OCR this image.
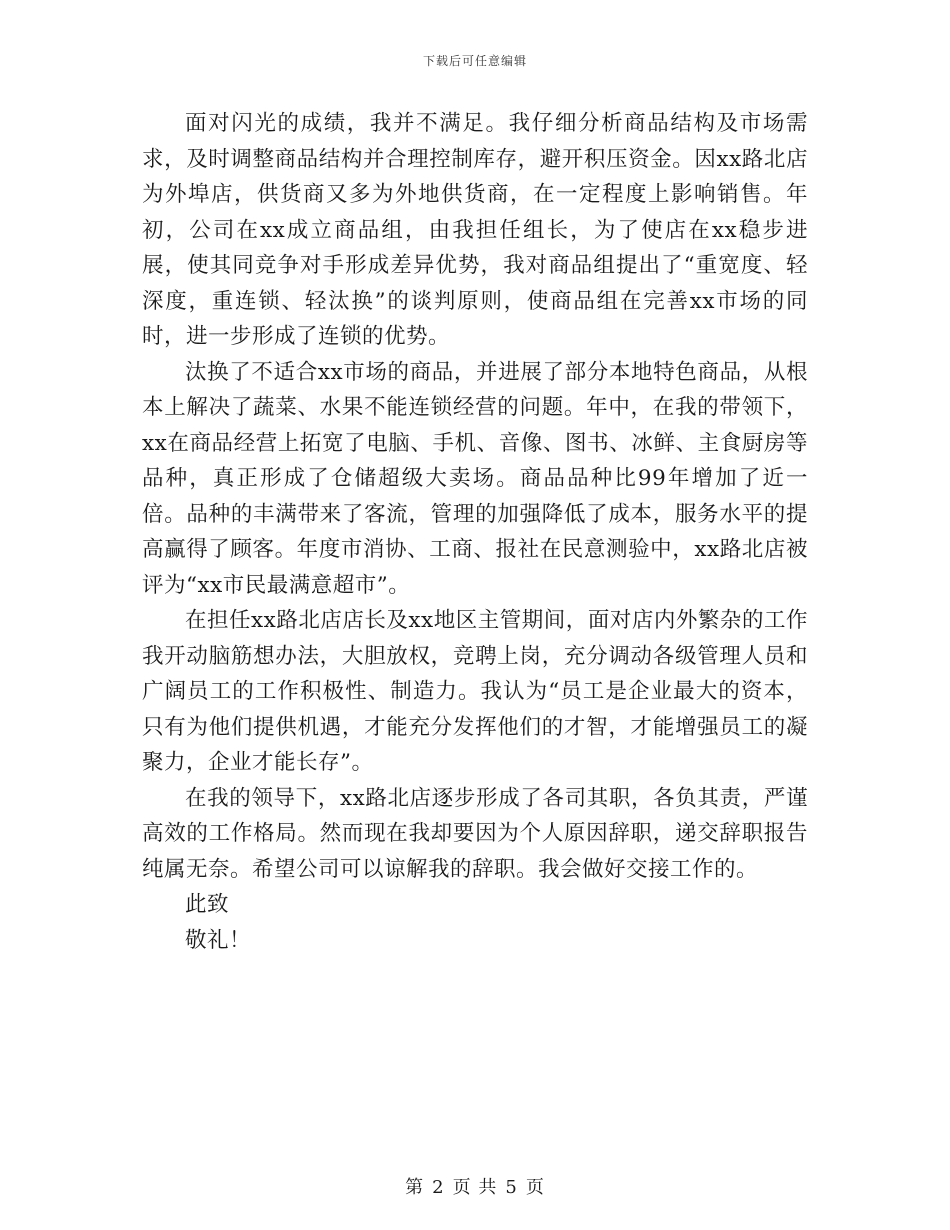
下载后可任意编辑

面对闪光的成绩，我并不满足。我仔细分析商品结构及市场需求，及时调整商品结构并合理控制库存，避开积压资金。因xx路北店为外埠店，供货商又多为外地供货商，在一定程度上影响销售。年初，公司在xx成立商品组，由我担任组长，为了使店在xx稳步进展，使其同竞争对手形成差异优势，我对商品组提出了“重宽度、轻深度，重连锁、轻汰换”的谈判原则，使商品组在完善xx市场的同时，进一步形成了连锁的优势。

汰换了不适合xx市场的商品，并进展了部分本地特色商品，从根本上解决了蔬菜、水果不能连锁经营的问题。年中，在我的带领下，xx在商品经营上拓宽了电脑、手机、音像、图书、冰鲜、主食厨房等品种，真正形成了仓储超级大卖场。商品品种比99年增加了近一倍。品种的丰满带来了客流，管理的加强降低了成本，服务水平的提高赢得了顾客。年度市消协、工商、报社在民意测验中，xx路北店被评为“xx市民最满意超市”。

在担任xx路北店店长及xx地区主管期间，面对店内外繁杂的工作我开动脑筋想办法，大胆放权，竞聘上岗，充分调动各级管理人员和广阔员工的工作积极性、制造力。我认为“员工是企业最大的资本，只有为他们提供机遇，才能充分发挥他们的才智，才能增强员工的凝聚力，企业才能长存”。

在我的领导下，xx路北店逐步形成了各司其职，各负其责，严谨高效的工作格局。然而现在我却要因为个人原因辞职，递交辞职报告纯属无奈。希望公司可以谅解我的辞职。我会做好交接工作的。

此致

敬礼！

第 2 页 共 5 页
